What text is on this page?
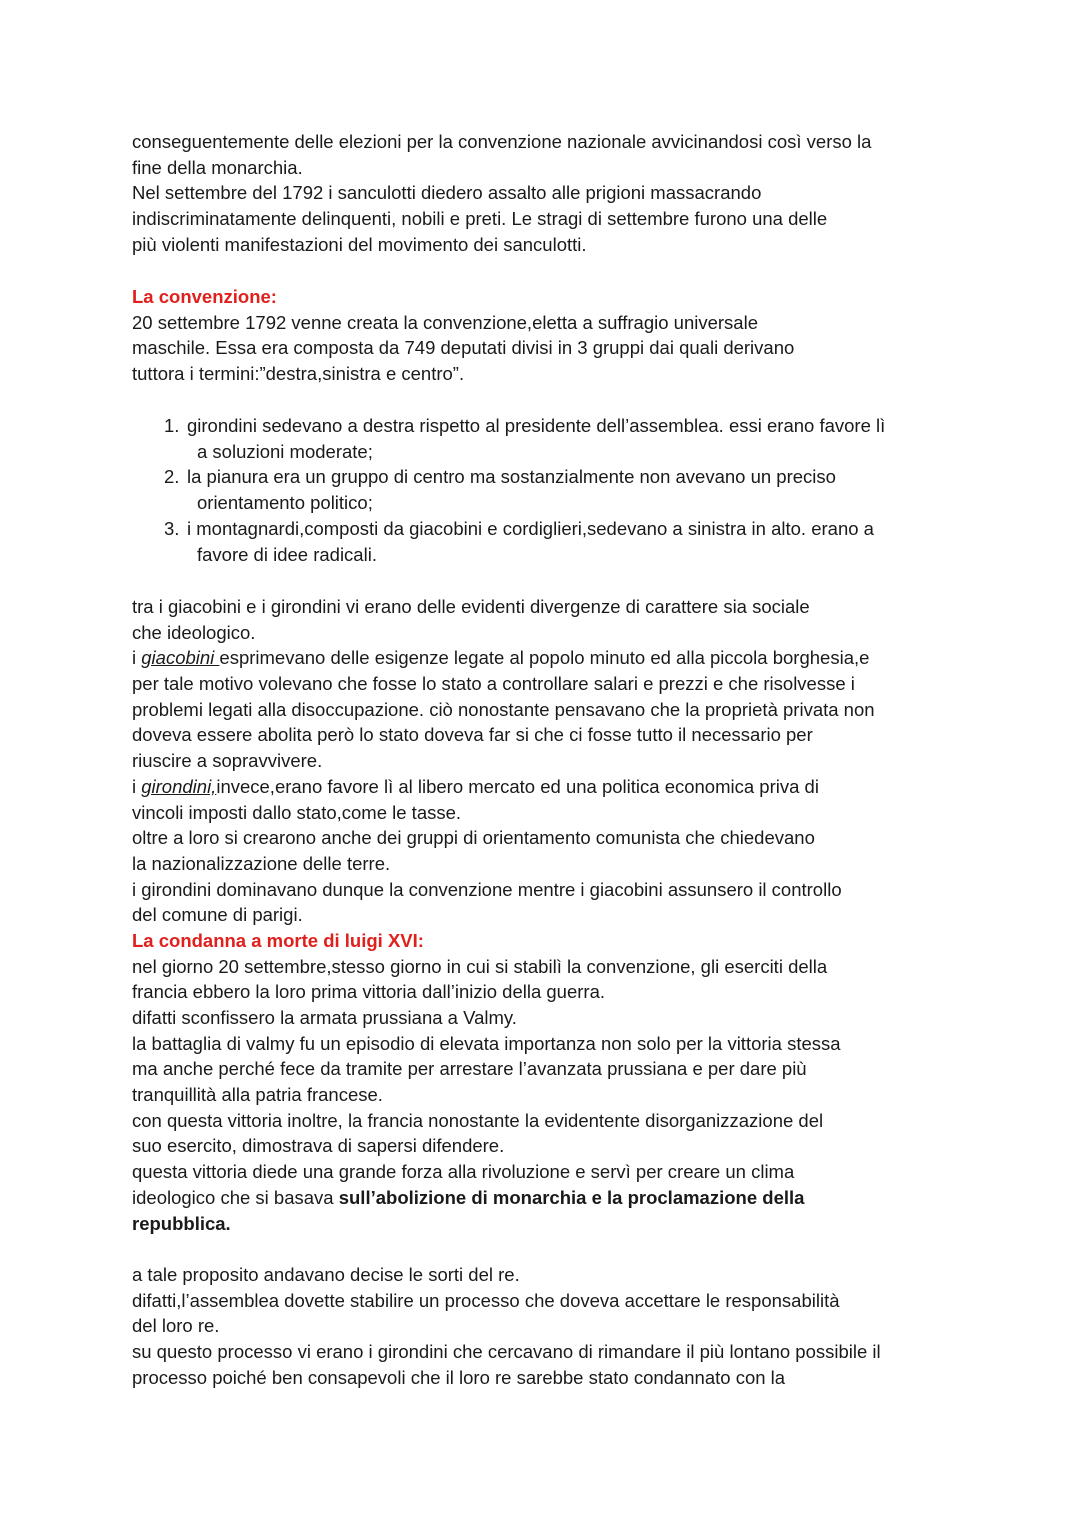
conseguentemente delle elezioni per la convenzione nazionale avvicinandosi così verso la
fine della monarchia.
Nel settembre del 1792 i sanculotti diedero assalto alle prigioni massacrando
indiscriminatamente delinquenti, nobili e preti. Le stragi di settembre furono una delle
più violenti manifestazioni del movimento dei sanculotti.
La convenzione:
20 settembre 1792 venne creata la convenzione,eletta a suffragio universale
maschile. Essa era composta da 749 deputati divisi in 3 gruppi dai quali derivano
tuttora i termini:”destra,sinistra e centro”.
1. girondini sedevano a destra rispetto al presidente dell’assemblea. essi erano favore lì
a soluzioni moderate;
2. la pianura era un gruppo di centro ma sostanzialmente non avevano un preciso
orientamento politico;
3. i montagnardi,composti da giacobini e cordiglieri,sedevano a sinistra in alto. erano a
favore di idee radicali.
tra i giacobini e i girondini vi erano delle evidenti divergenze di carattere sia sociale
che ideologico.
i giacobini esprimevano delle esigenze legate al popolo minuto ed alla piccola borghesia,e
per tale motivo volevano che fosse lo stato a controllare salari e prezzi e che risolvesse i
problemi legati alla disoccupazione. ciò nonostante pensavano che la proprietà privata non
doveva essere abolita però lo stato doveva far si che ci fosse tutto il necessario per
riuscire a sopravvivere.
i girondini,invece,erano favore lì al libero mercato ed una politica economica priva di
vincoli imposti dallo stato,come le tasse.
oltre a loro si crearono anche dei gruppi di orientamento comunista che chiedevano
la nazionalizzazione delle terre.
i girondini dominavano dunque la convenzione mentre i giacobini assunsero il controllo
del comune di parigi.
La condanna a morte di luigi XVI:
nel giorno 20 settembre,stesso giorno in cui si stabilì la convenzione, gli eserciti della
francia ebbero la loro prima vittoria dall’inizio della guerra.
difatti sconfissero la armata prussiana a Valmy.
la battaglia di valmy fu un episodio di elevata importanza non solo per la vittoria stessa
ma anche perché fece da tramite per arrestare l’avanzata prussiana e per dare più
tranquillità alla patria francese.
con questa vittoria inoltre, la francia nonostante la evidentente disorganizzazione del
suo esercito, dimostrava di sapersi difendere.
questa vittoria diede una grande forza alla rivoluzione e servì per creare un clima
ideologico che si basava sull’abolizione di monarchia e la proclamazione della
repubblica.
a tale proposito andavano decise le sorti del re.
difatti,l’assemblea dovette stabilire un processo che doveva accettare le responsabilità
del loro re.
su questo processo vi erano i girondini che cercavano di rimandare il più lontano possibile il
processo poiché ben consapevoli che il loro re sarebbe stato condannato con la
